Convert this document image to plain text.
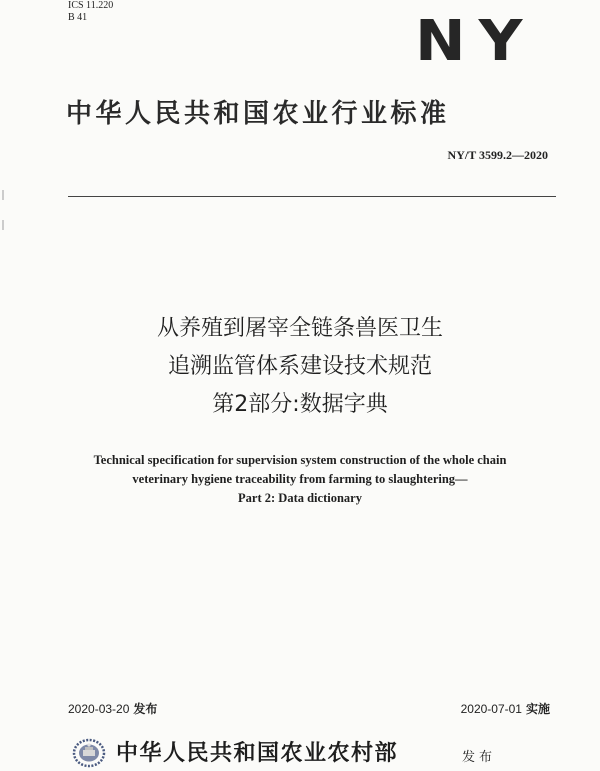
ICS 11.220
B 41	NY
中华人民共和国农业行业标准
NY/T 3599.2—2020
从养殖到屠宰全链条兽医卫生
追溯监管体系建设技术规范
第2部分:数据字典
Technical specification for supervision system construction of the whole chain
veterinary hygiene traceability from farming to slaughtering—
Part 2: Data dictionary
2020-03-20 发布	2020-07-01 实施
中华人民共和国农业农村部	发布
